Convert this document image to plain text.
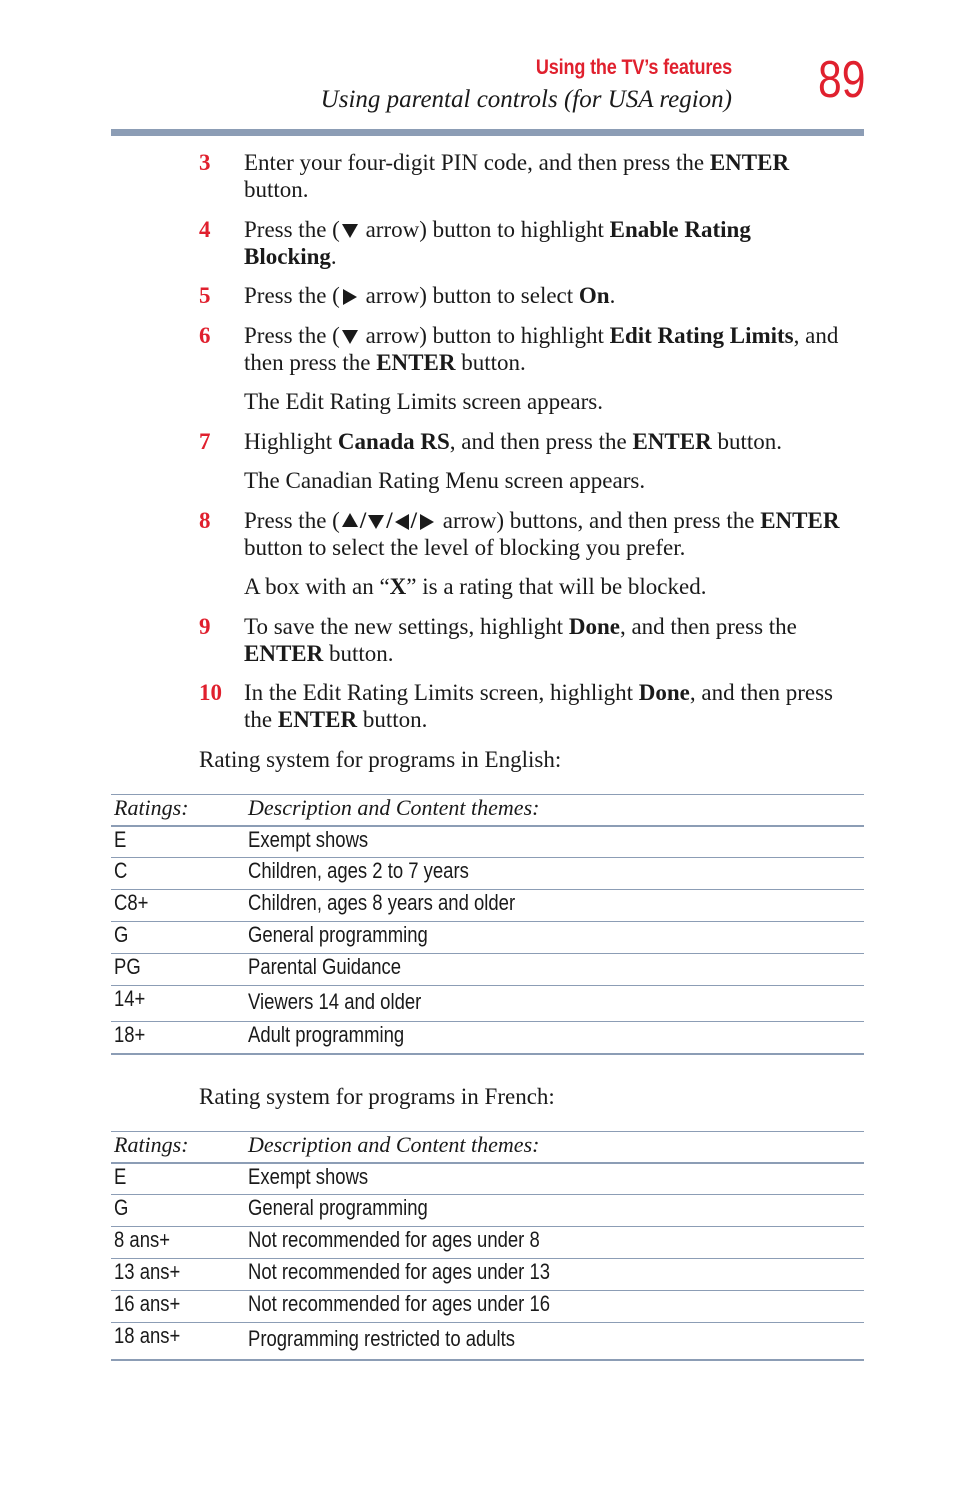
Using the TV’s features
Using parental controls (for USA region) 89
3 Enter your four-digit PIN code, and then press the ENTER
button.
4 Press the ( arrow) button to highlight Enable Rating Blocking.
5 Press the ( arrow) button to select On.
6 Press the ( arrow) button to highlight Edit Rating Limits, and then press the ENTER button.
The Edit Rating Limits screen appears.
7 Highlight Canada RS, and then press the ENTER button.
The Canadian Rating Menu screen appears.
8 Press the ( / / / arrow) buttons, and then press the ENTER button to select the level of blocking you prefer.
A box with an “X” is a rating that will be blocked.
9 To save the new settings, highlight Done, and then press the ENTER button.
10 In the Edit Rating Limits screen, highlight Done, and then press the ENTER button.
Rating system for programs in English:
Ratings:	Description and Content themes:
E	Exempt shows
C	Children, ages 2 to 7 years
C8+	Children, ages 8 years and older
G	General programming
PG	Parental Guidance
14+	Viewers 14 and older
18+	Adult programming
Rating system for programs in French:
Ratings:	Description and Content themes:
E	Exempt shows
G	General programming
8 ans+	Not recommended for ages under 8
13 ans+	Not recommended for ages under 13
16 ans+	Not recommended for ages under 16
18 ans+	Programming restricted to adults
